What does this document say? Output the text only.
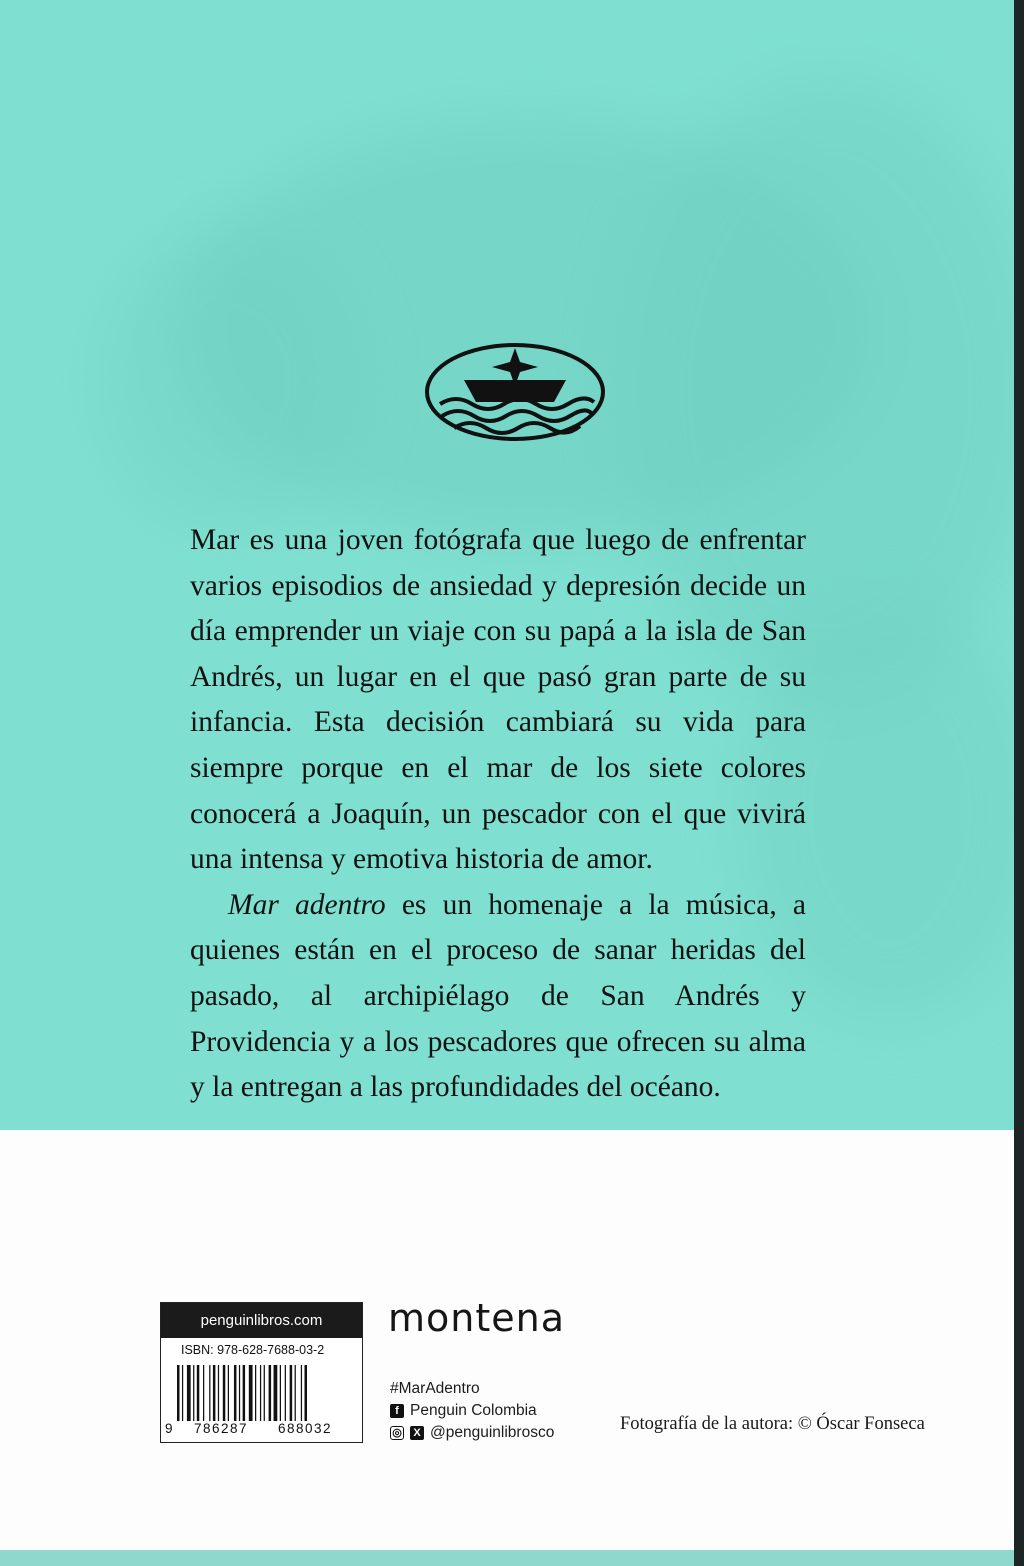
Mar es una joven fotógrafa que luego de enfrentar varios episodios de ansiedad y depresión decide un día emprender un viaje con su papá a la isla de San Andrés, un lugar en el que pasó gran parte de su infancia. Esta decisión cambiará su vida para siempre porque en el mar de los siete colores conocerá a Joaquín, un pescador con el que vivirá una intensa y emotiva historia de amor.

Mar adentro es un homenaje a la música, a quienes están en el proceso de sanar heridas del pasado, al archipiélago de San Andrés y Providencia y a los pescadores que ofrecen su alma y la entregan a las profundidades del océano.

penguinlibros.com
ISBN: 978-628-7688-03-2
9	786287	688032
montena
#MarAdentro
f Penguin Colombia
◎	X @penguinlibrosco	Fotografía de la autora: © Óscar Fonseca
